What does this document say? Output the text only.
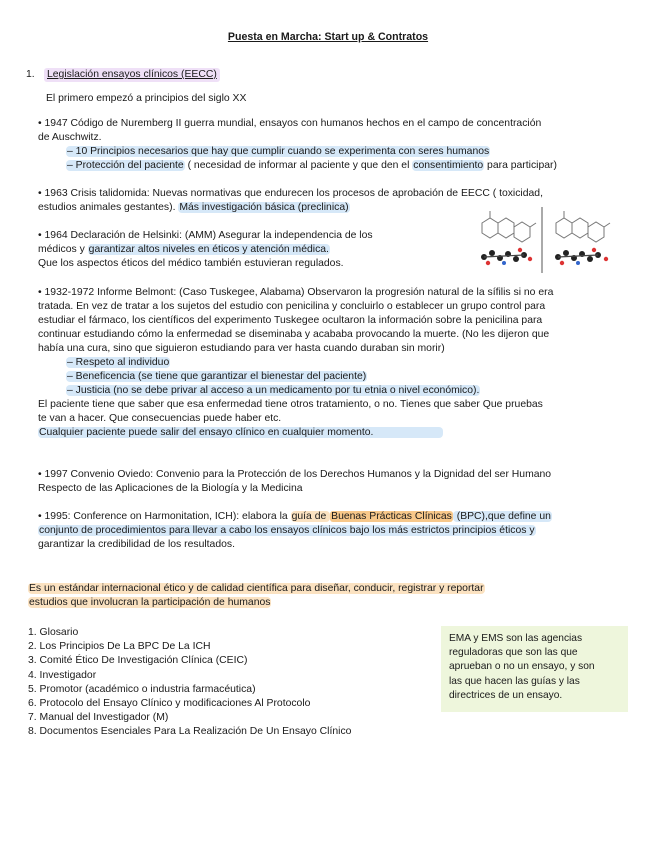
Puesta en Marcha: Start up & Contratos
1. Legislación ensayos clínicos (EECC)
El primero empezó a principios del siglo XX
• 1947 Código de Nuremberg II guerra mundial, ensayos con humanos hechos en el campo de concentración
de Auschwitz.
– 10 Principios necesarios que hay que cumplir cuando se experimenta con seres humanos
– Protección del paciente ( necesidad de informar al paciente y que den el consentimiento para participar)
• 1963 Crisis talidomida: Nuevas normativas que endurecen los procesos de aprobación de EECC ( toxicidad,
estudios animales gestantes). Más investigación básica (preclinica)
• 1964 Declaración de Helsinki: (AMM) Asegurar la independencia de los
médicos y garantizar altos niveles en éticos y atención médica.
Que los aspectos éticos del médico también estuvieran regulados.
• 1932-1972 Informe Belmont: (Caso Tuskegee, Alabama) Observaron la progresión natural de la sífilis si no era
tratada. En vez de tratar a los sujetos del estudio con penicilina y concluirlo o establecer un grupo control para
estudiar el fármaco, los científicos del experimento Tuskegee ocultaron la información sobre la penicilina para
continuar estudiando cómo la enfermedad se diseminaba y acababa provocando la muerte. (No les dijeron que
había una cura, sino que siguieron estudiando para ver hasta cuando duraban sin morir)
– Respeto al individuo
– Beneficencia (se tiene que garantizar el bienestar del paciente)
– Justicia (no se debe privar al acceso a un medicamento por tu etnia o nivel económico).
El paciente tiene que saber que esa enfermedad tiene otros tratamiento, o no. Tienes que saber Que pruebas
te van a hacer. Que consecuencias puede haber etc.
Cualquier paciente puede salir del ensayo clínico en cualquier momento.
• 1997 Convenio Oviedo: Convenio para la Protección de los Derechos Humanos y la Dignidad del ser Humano
Respecto de las Aplicaciones de la Biología y la Medicina
• 1995: Conference on Harmonitation, ICH): elabora la guía de Buenas Prácticas Clínicas (BPC),que define un
conjunto de procedimientos para llevar a cabo los ensayos clínicos bajo los más estrictos principios éticos y
garantizar la credibilidad de los resultados.
Es un estándar internacional ético y de calidad científica para diseñar, conducir, registrar y reportar
estudios que involucran la participación de humanos
1. Glosario
2. Los Principios De La BPC De La ICH
3. Comité Ético De Investigación Clínica (CEIC)
4. Investigador
5. Promotor (académico o industria farmacéutica)
6. Protocolo del Ensayo Clínico y modificaciones Al Protocolo
7. Manual del Investigador (M)
8. Documentos Esenciales Para La Realización De Un Ensayo Clínico
EMA y EMS son las agencias
reguladoras que son las que
aprueban o no un ensayo, y son
las que hacen las guías y las
directrices de un ensayo.
